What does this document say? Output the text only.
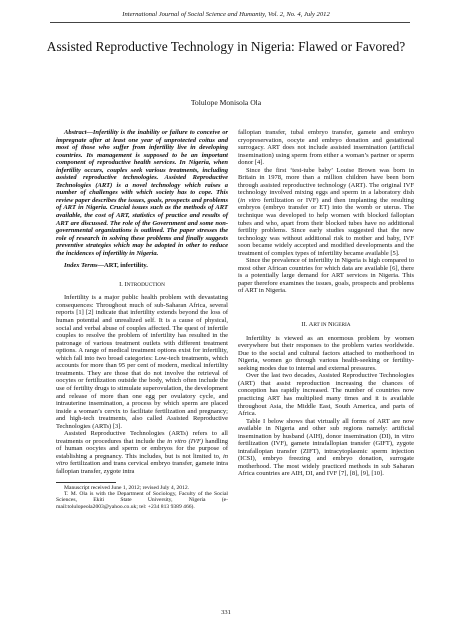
International Journal of Social Science and Humanity, Vol. 2, No. 4, July 2012
Assisted Reproductive Technology in Nigeria: Flawed or Favored?
Tolulope Monisola Ola

Abstract—Infertility is the inability or failure to conceive or impregnate after at least one year of unprotected coitus and most of those who suffer from infertility live in developing countries. Its management is supposed to be an important component of reproductive health services. In Nigeria, when infertility occurs, couples seek various treatments, including assisted reproductive technologies. Assisted Reproductive Technologies (ART) is a novel technology which raises a number of challenges with which society has to cope. This review paper describes the issues, goals, prospects and problems of ART in Nigeria. Crucial issues such as the methods of ART available, the cost of ART, statistics of practice and results of ART are discussed. The role of the Government and some non-governmental organizations is outlined. The paper stresses the role of research in solving these problems and finally suggests preventive strategies which may be adopted in other to reduce the incidences of infertility in Nigeria.

Index Terms—ART, infertility.

I. INTRODUCTION

Infertility is a major public health problem with devastating consequences: Throughout much of sub-Saharan Africa, several reports [1] [2] indicate that infertility extends beyond the loss of human potential and unrealized self. It is a cause of physical, social and verbal abuse of couples affected. The quest of infertile couples to resolve the problem of infertility has resulted in the patronage of various treatment outlets with different treatment options. A range of medical treatment options exist for infertility, which fall into two broad categories: Low-tech treatments, which accounts for more than 95 per cent of modern, medical infertility treatments. They are those that do not involve the retrieval of oocytes or fertilization outside the body, which often include the use of fertility drugs to stimulate superovulation, the development and release of more than one egg per ovulatory cycle, and intrauterine insemination, a process by which sperm are placed inside a woman’s cervix to facilitate fertilization and pregnancy; and high-tech treatments, also called Assisted Reproductive Technologies (ARTs) [3].

Assisted Reproductive Technologies (ARTs) refers to all treatments or procedures that include the in vitro (IVF) handling of human oocytes and sperm or embryos for the purpose of establishing a pregnancy. This includes, but is not limited to, in vitro fertilization and trans cervical embryo transfer, gamete intra fallopian transfer, zygote intra

Manuscript received June 1, 2012; revised July 4, 2012.

T. M. Ola is with the Department of Sociology, Faculty of the Social Sciences, Ekiti State University, Nigeria (e-mail:tolulopeola2003@yahoo.co.uk; tel: +234 813 9389 466).

fallopian transfer, tubal embryo transfer, gamete and embryo cryopreservation, oocyte and embryo donation and gestational surrogacy. ART does not include assisted insemination (artificial insemination) using sperm from either a woman’s partner or sperm donor [4].

Since the first ‘test-tube baby’ Louise Brown was born in Britain in 1978, more than a million children have been born through assisted reproductive technology (ART). The original IVF technology involved mixing eggs and sperm in a laboratory dish (in vitro fertilization or IVF) and then implanting the resulting embryos (embryo transfer or ET) into the womb or uterus. The technique was developed to help women with blocked fallopian tubes and who, apart from their blocked tubes have no additional fertility problems. Since early studies suggested that the new technology was without additional risk to mother and baby, IVF soon became widely accepted and modified developments and the treatment of complex types of infertility became available [5].

Since the prevalence of infertility in Nigeria is high compared to most other African countries for which data are available [6], there is a potentially large demand for ART services in Nigeria. This paper therefore examines the issues, goals, prospects and problems of ART in Nigeria.

II. ART IN NIGERIA

Infertility is viewed as an enormous problem by women everywhere but their responses to the problem varies worldwide. Due to the social and cultural factors attached to motherhood in Nigeria, women go through various health-seeking or fertility-seeking modes due to internal and external pressures.

Over the last two decades, Assisted Reproductive Technologies (ART) that assist reproduction increasing the chances of conception has rapidly increased. The number of countries now practicing ART has multiplied many times and it is available throughout Asia, the Middle East, South America, and parts of Africa.

Table I below shows that virtually all forms of ART are now available in Nigeria and other sub regions namely: artificial insemination by husband (AIH), donor insemination (DI), in vitro fertilization (IVF), gamete intrafallopian transfer (GIFT), zygote intrafallopian transfer (ZIFT), intracytoplasmic sperm injection (ICSI), embryo freezing and embryo donation, surrogate motherhood. The most widely practiced methods in sub Saharan Africa countries are AIH, DI, and IVF [7], [8], [9], [10].

331
